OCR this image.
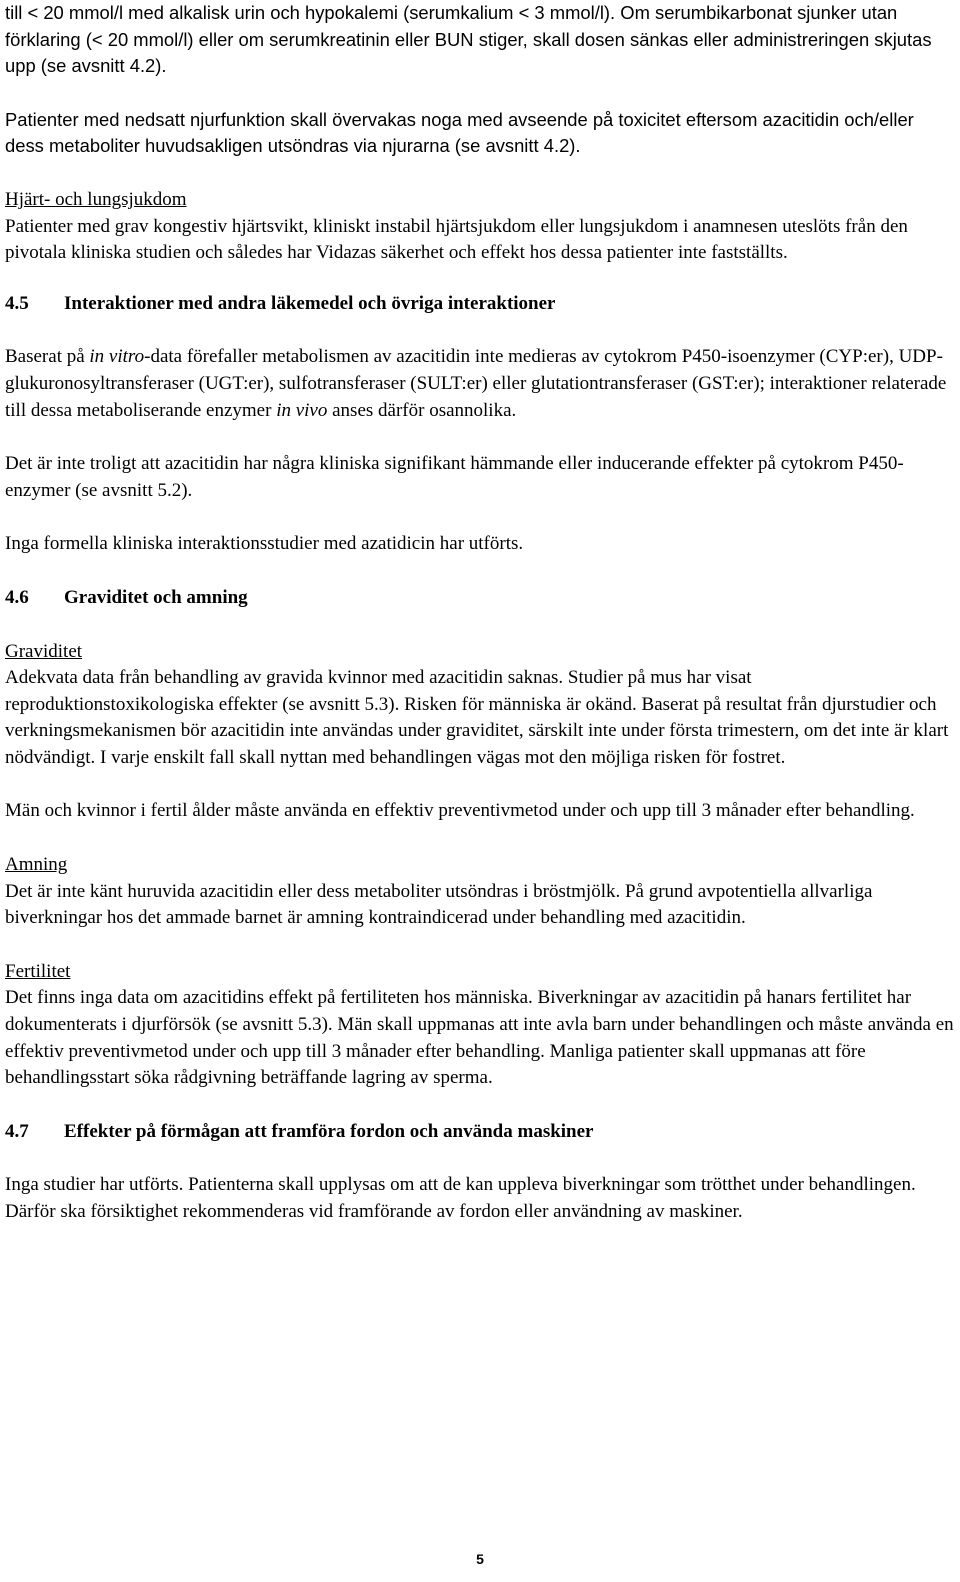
till < 20 mmol/l med alkalisk urin och hypokalemi (serumkalium < 3 mmol/l). Om serumbikarbonat sjunker utan förklaring (< 20 mmol/l) eller om serumkreatinin eller BUN stiger, skall dosen sänkas eller administreringen skjutas upp (se avsnitt 4.2).

Patienter med nedsatt njurfunktion skall övervakas noga med avseende på toxicitet eftersom azacitidin och/eller dess metaboliter huvudsakligen utsöndras via njurarna (se avsnitt 4.2).

Hjärt- och lungsjukdom

Patienter med grav kongestiv hjärtsvikt, kliniskt instabil hjärtsjukdom eller lungsjukdom i anamnesen uteslöts från den pivotala kliniska studien och således har Vidazas säkerhet och effekt hos dessa patienter inte fastställts.

4.5 Interaktioner med andra läkemedel och övriga interaktioner

Baserat på in vitro-data förefaller metabolismen av azacitidin inte medieras av cytokrom P450-isoenzymer (CYP:er), UDP-glukuronosyltransferaser (UGT:er), sulfotransferaser (SULT:er) eller glutationtransferaser (GST:er); interaktioner relaterade till dessa metaboliserande enzymer in vivo anses därför osannolika.

Det är inte troligt att azacitidin har några kliniska signifikant hämmande eller inducerande effekter på cytokrom P450-enzymer (se avsnitt 5.2).

Inga formella kliniska interaktionsstudier med azatidicin har utförts.

4.6 Graviditet och amning

Graviditet

Adekvata data från behandling av gravida kvinnor med azacitidin saknas. Studier på mus har visat reproduktionstoxikologiska effekter (se avsnitt 5.3). Risken för människa är okänd. Baserat på resultat från djurstudier och verkningsmekanismen bör azacitidin inte användas under graviditet, särskilt inte under första trimestern, om det inte är klart nödvändigt. I varje enskilt fall skall nyttan med behandlingen vägas mot den möjliga risken för fostret.

Män och kvinnor i fertil ålder måste använda en effektiv preventivmetod under och upp till 3 månader efter behandling.

Amning

Det är inte känt huruvida azacitidin eller dess metaboliter utsöndras i bröstmjölk. På grund avpotentiella allvarliga biverkningar hos det ammade barnet är amning kontraindicerad under behandling med azacitidin.

Fertilitet

Det finns inga data om azacitidins effekt på fertiliteten hos människa. Biverkningar av azacitidin på hanars fertilitet har dokumenterats i djurförsök (se avsnitt 5.3). Män skall uppmanas att inte avla barn under behandlingen och måste använda en effektiv preventivmetod under och upp till 3 månader efter behandling. Manliga patienter skall uppmanas att före behandlingsstart söka rådgivning beträffande lagring av sperma.

4.7 Effekter på förmågan att framföra fordon och använda maskiner

Inga studier har utförts. Patienterna skall upplysas om att de kan uppleva biverkningar som trötthet under behandlingen. Därför ska försiktighet rekommenderas vid framförande av fordon eller användning av maskiner.

5
